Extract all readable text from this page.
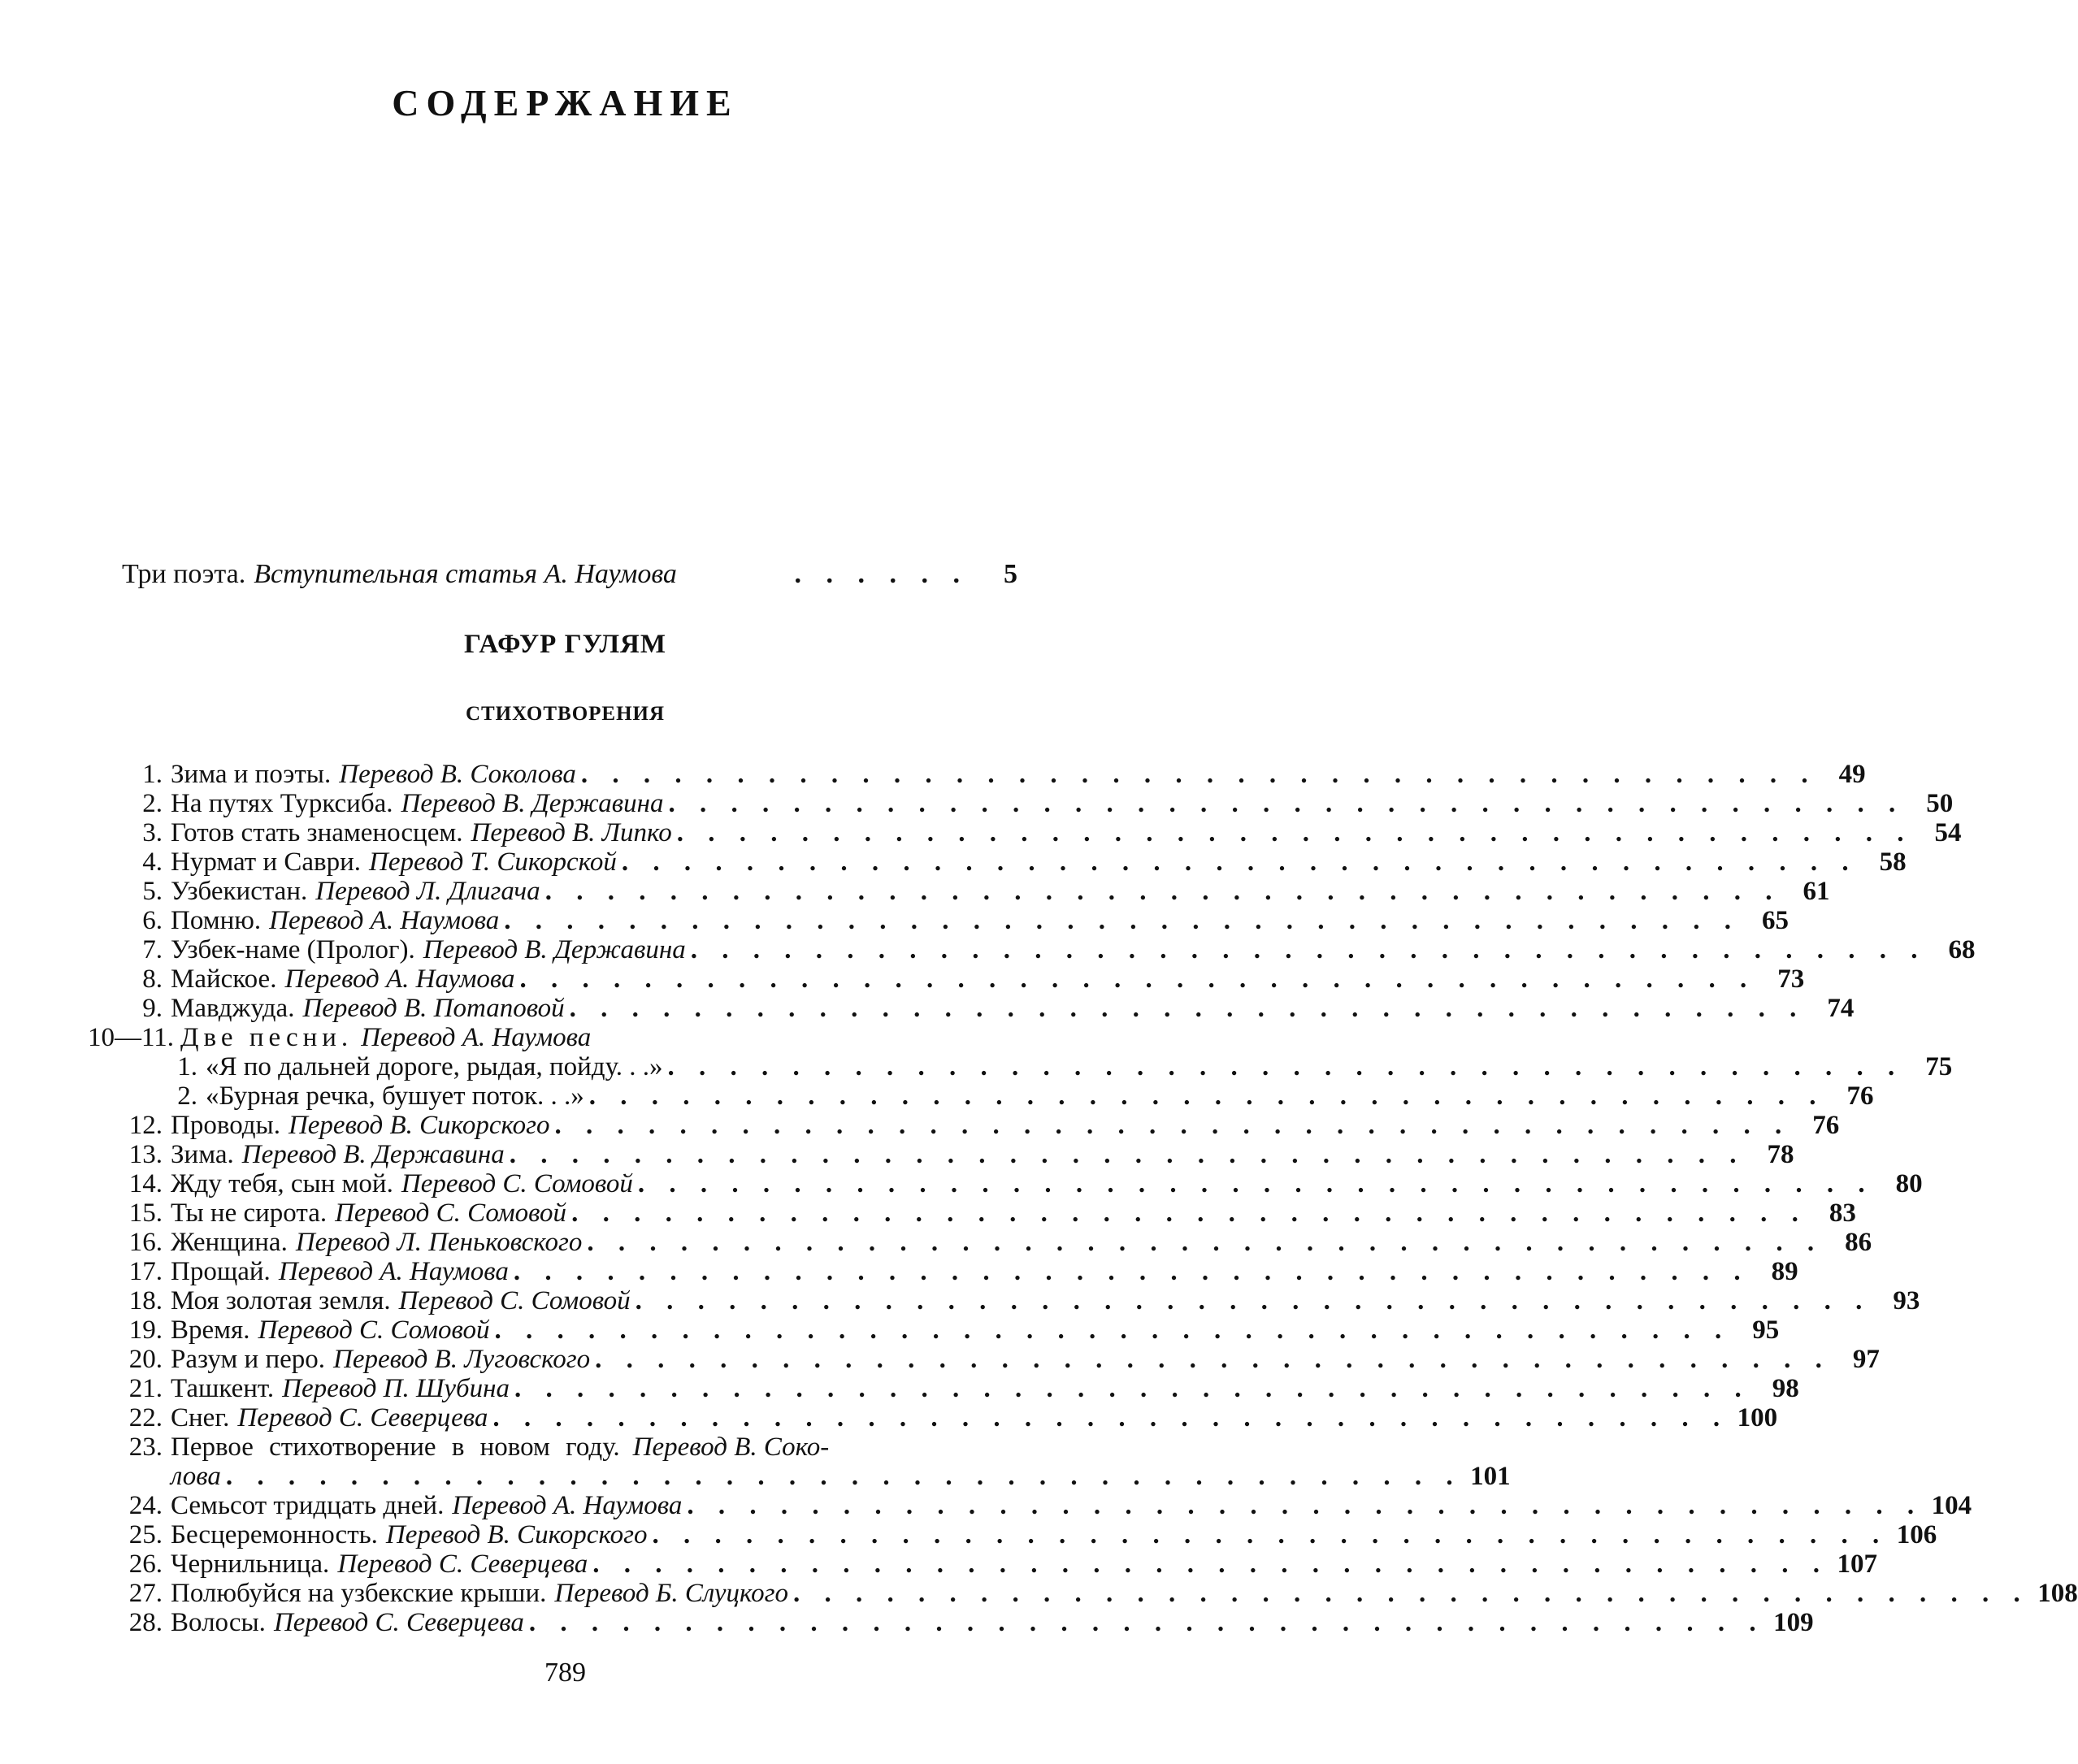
СОДЕРЖАНИЕ
Три поэта. Вступительная статья А. Наумова	. . . . . .	5
ГАФУР ГУЛЯМ
СТИХОТВОРЕНИЯ
1. Зима и поэты. Перевод В. Соколова . . . . . . . . . . . . . . . . . . . . . . . . . . . . . . . . . . . . . . . . 49
2. На путях Турксиба. Перевод В. Державина . . . . . . . . . . . . . . . . . . . . . . . . . . . . . . . . . . . . . . . . 50
3. Готов стать знаменосцем. Перевод В. Липко . . . . . . . . . . . . . . . . . . . . . . . . . . . . . . . . . . . . . . . . 54
4. Нурмат и Саври. Перевод Т. Сикорской . . . . . . . . . . . . . . . . . . . . . . . . . . . . . . . . . . . . . . . . 58
5. Узбекистан. Перевод Л. Длигача . . . . . . . . . . . . . . . . . . . . . . . . . . . . . . . . . . . . . . . . 61
6. Помню. Перевод А. Наумова . . . . . . . . . . . . . . . . . . . . . . . . . . . . . . . . . . . . . . . . 65
7. Узбек-наме (Пролог). Перевод В. Державина . . . . . . . . . . . . . . . . . . . . . . . . . . . . . . . . . . . . . . . . 68
8. Майское. Перевод А. Наумова . . . . . . . . . . . . . . . . . . . . . . . . . . . . . . . . . . . . . . . . 73
9. Мавджуда. Перевод В. Потаповой . . . . . . . . . . . . . . . . . . . . . . . . . . . . . . . . . . . . . . . . 74
10—11. Две песни. Перевод А. Наумова
1. «Я по дальней дороге, рыдая, пойду. . .» . . . . . . . . . . . . . . . . . . . . . . . . . . . . . . . . . . . . . . . . 75
2. «Бурная речка, бушует поток. . .» . . . . . . . . . . . . . . . . . . . . . . . . . . . . . . . . . . . . . . . . 76
12. Проводы. Перевод В. Сикорского . . . . . . . . . . . . . . . . . . . . . . . . . . . . . . . . . . . . . . . . 76
13. Зима. Перевод В. Державина . . . . . . . . . . . . . . . . . . . . . . . . . . . . . . . . . . . . . . . . 78
14. Жду тебя, сын мой. Перевод С. Сомовой . . . . . . . . . . . . . . . . . . . . . . . . . . . . . . . . . . . . . . . . 80
15. Ты не сирота. Перевод С. Сомовой . . . . . . . . . . . . . . . . . . . . . . . . . . . . . . . . . . . . . . . . 83
16. Женщина. Перевод Л. Пеньковского . . . . . . . . . . . . . . . . . . . . . . . . . . . . . . . . . . . . . . . . 86
17. Прощай. Перевод А. Наумова . . . . . . . . . . . . . . . . . . . . . . . . . . . . . . . . . . . . . . . . 89
18. Моя золотая земля. Перевод С. Сомовой . . . . . . . . . . . . . . . . . . . . . . . . . . . . . . . . . . . . . . . . 93
19. Время. Перевод С. Сомовой . . . . . . . . . . . . . . . . . . . . . . . . . . . . . . . . . . . . . . . . 95
20. Разум и перо. Перевод В. Луговского . . . . . . . . . . . . . . . . . . . . . . . . . . . . . . . . . . . . . . . . 97
21. Ташкент. Перевод П. Шубина . . . . . . . . . . . . . . . . . . . . . . . . . . . . . . . . . . . . . . . . 98
22. Снег. Перевод С. Северцева . . . . . . . . . . . . . . . . . . . . . . . . . . . . . . . . . . . . . . . . 100
23. Первое стихотворение в новом году. Перевод В. Соко-
лова . . . . . . . . . . . . . . . . . . . . . . . . . . . . . . . . . . . . . . . . 101
24. Семьсот тридцать дней. Перевод А. Наумова . . . . . . . . . . . . . . . . . . . . . . . . . . . . . . . . . . . . . . . . 104
25. Бесцеремонность. Перевод В. Сикорского . . . . . . . . . . . . . . . . . . . . . . . . . . . . . . . . . . . . . . . . 106
26. Чернильница. Перевод С. Северцева . . . . . . . . . . . . . . . . . . . . . . . . . . . . . . . . . . . . . . . . 107
27. Полюбуйся на узбекские крыши. Перевод Б. Слуцкого . . . . . . . . . . . . . . . . . . . . . . . . . . . . . . . . . . . . . . . . 108
28. Волосы. Перевод С. Северцева . . . . . . . . . . . . . . . . . . . . . . . . . . . . . . . . . . . . . . . . 109
789
